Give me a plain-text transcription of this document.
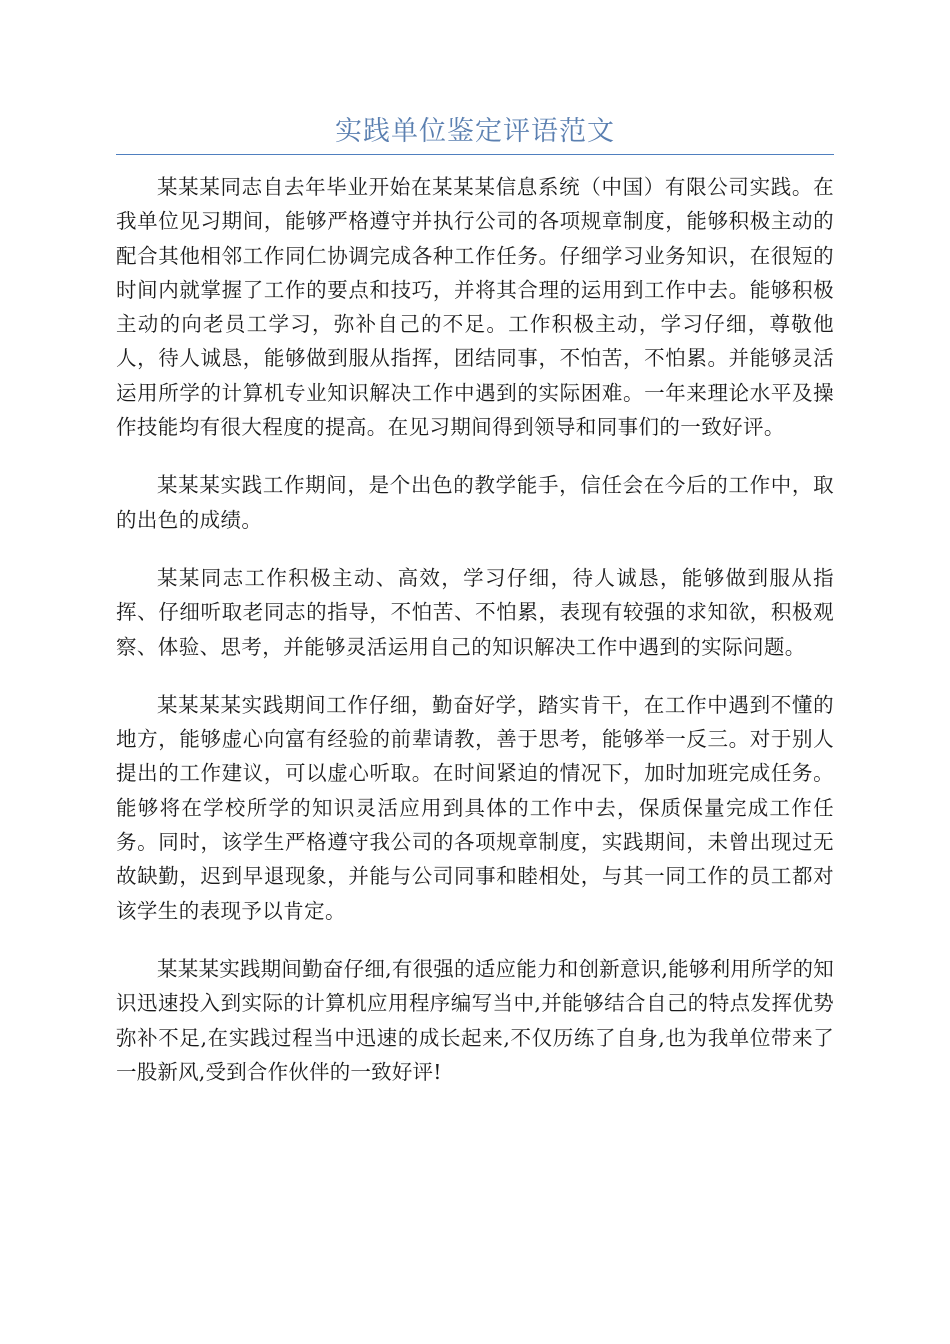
实践单位鉴定评语范文

某某某同志自去年毕业开始在某某某信息系统（中国）有限公司实践。在我单位见习期间，能够严格遵守并执行公司的各项规章制度，能够积极主动的配合其他相邻工作同仁协调完成各种工作任务。仔细学习业务知识，在很短的时间内就掌握了工作的要点和技巧，并将其合理的运用到工作中去。能够积极主动的向老员工学习，弥补自己的不足。工作积极主动，学习仔细，尊敬他人，待人诚恳，能够做到服从指挥，团结同事，不怕苦，不怕累。并能够灵活运用所学的计算机专业知识解决工作中遇到的实际困难。一年来理论水平及操作技能均有很大程度的提高。在见习期间得到领导和同事们的一致好评。

某某某实践工作期间，是个出色的教学能手，信任会在今后的工作中，取的出色的成绩。

某某同志工作积极主动、高效，学习仔细，待人诚恳，能够做到服从指挥、仔细听取老同志的指导，不怕苦、不怕累，表现有较强的求知欲，积极观察、体验、思考，并能够灵活运用自己的知识解决工作中遇到的实际问题。

某某某某实践期间工作仔细，勤奋好学，踏实肯干，在工作中遇到不懂的地方，能够虚心向富有经验的前辈请教，善于思考，能够举一反三。对于别人提出的工作建议，可以虚心听取。在时间紧迫的情况下，加时加班完成任务。能够将在学校所学的知识灵活应用到具体的工作中去，保质保量完成工作任务。同时，该学生严格遵守我公司的各项规章制度，实践期间，未曾出现过无故缺勤，迟到早退现象，并能与公司同事和睦相处，与其一同工作的员工都对该学生的表现予以肯定。

某某某实践期间勤奋仔细,有很强的适应能力和创新意识,能够利用所学的知识迅速投入到实际的计算机应用程序编写当中,并能够结合自己的特点发挥优势弥补不足,在实践过程当中迅速的成长起来,不仅历练了自身,也为我单位带来了一股新风,受到合作伙伴的一致好评!
